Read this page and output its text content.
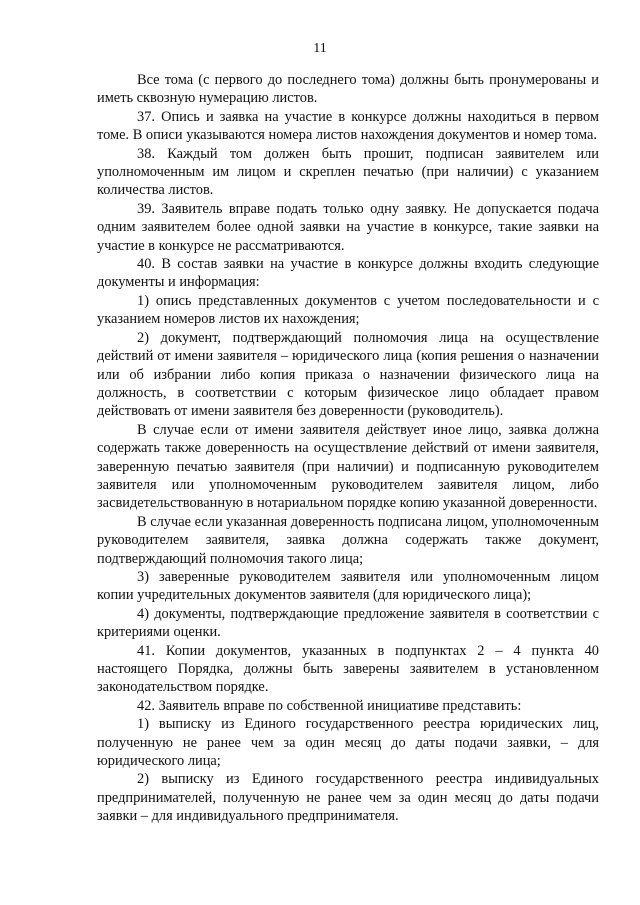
11

Все тома (с первого до последнего тома) должны быть пронумерованы и иметь сквозную нумерацию листов.

37. Опись и заявка на участие в конкурсе должны находиться в первом томе. В описи указываются номера листов нахождения документов и номер тома.

38. Каждый том должен быть прошит, подписан заявителем или уполномоченным им лицом и скреплен печатью (при наличии) с указанием количества листов.

39. Заявитель вправе подать только одну заявку. Не допускается подача одним заявителем более одной заявки на участие в конкурсе, такие заявки на участие в конкурсе не рассматриваются.

40. В состав заявки на участие в конкурсе должны входить следующие документы и информация:

1) опись представленных документов с учетом последовательности и с указанием номеров листов их нахождения;

2) документ, подтверждающий полномочия лица на осуществление действий от имени заявителя – юридического лица (копия решения о назначении или об избрании либо копия приказа о назначении физического лица на должность, в соответствии с которым физическое лицо обладает правом действовать от имени заявителя без доверенности (руководитель).

В случае если от имени заявителя действует иное лицо, заявка должна содержать также доверенность на осуществление действий от имени заявителя, заверенную печатью заявителя (при наличии) и подписанную руководителем заявителя или уполномоченным руководителем заявителя лицом, либо засвидетельствованную в нотариальном порядке копию указанной доверенности.

В случае если указанная доверенность подписана лицом, уполномоченным руководителем заявителя, заявка должна содержать также документ, подтверждающий полномочия такого лица;

3) заверенные руководителем заявителя или уполномоченным лицом копии учредительных документов заявителя (для юридического лица);

4) документы, подтверждающие предложение заявителя в соответствии с критериями оценки.

41. Копии документов, указанных в подпунктах 2 – 4 пункта 40 настоящего Порядка, должны быть заверены заявителем в установленном законодательством порядке.

42. Заявитель вправе по собственной инициативе представить:

1) выписку из Единого государственного реестра юридических лиц, полученную не ранее чем за один месяц до даты подачи заявки, – для юридического лица;

2) выписку из Единого государственного реестра индивидуальных предпринимателей, полученную не ранее чем за один месяц до даты подачи заявки – для индивидуального предпринимателя.
